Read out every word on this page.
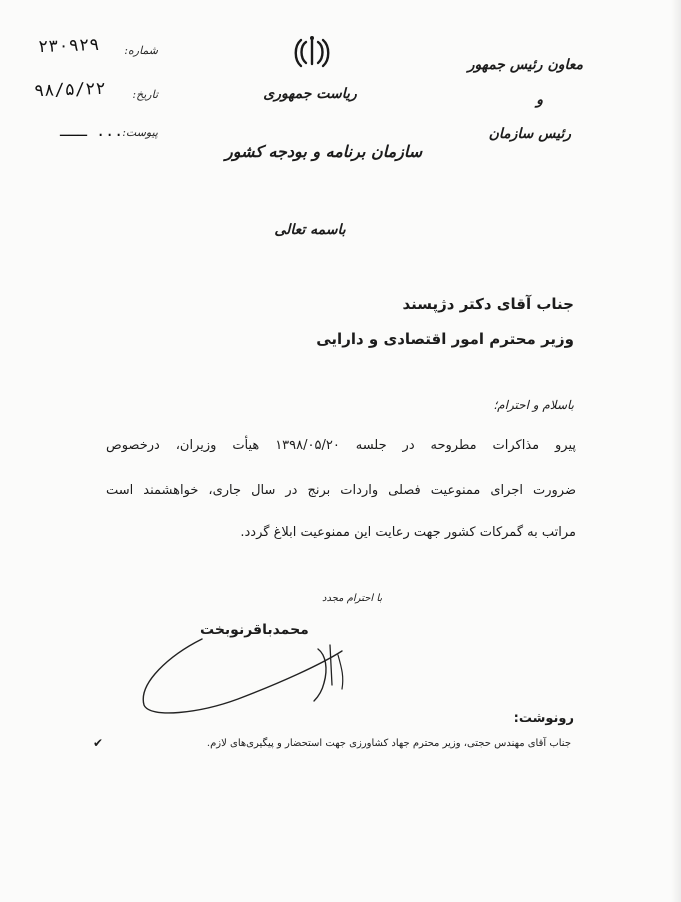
۲۳۰۹۲۹	شماره:
۹۸/۵/۲۲	تاریخ:
ـــ ...
پیوست:
ریاست جمهوری
سازمان برنامه و بودجه کشور
معاون رئیس جمهور
و
رئیس سازمان
باسمه تعالی
جناب آقای دکتر دژپسند
وزیر محترم امور اقتصادی و دارایی
باسلام و احترام؛
پیرو مذاکرات مطروحه در جلسه ۱۳۹۸/۰۵/۲۰ هیأت وزیران، درخصوص
ضرورت اجرای ممنوعیت فصلی واردات برنج در سال جاری، خواهشمند است
مراتب به گمرکات کشور جهت رعایت این ممنوعیت ابلاغ گردد.
با احترام مجدد
محمدباقرنوبخت
رونوشت:
جناب آقای مهندس حجتی، وزیر محترم جهاد کشاورزی جهت استحضار و پیگیری‌های لازم.
✔
